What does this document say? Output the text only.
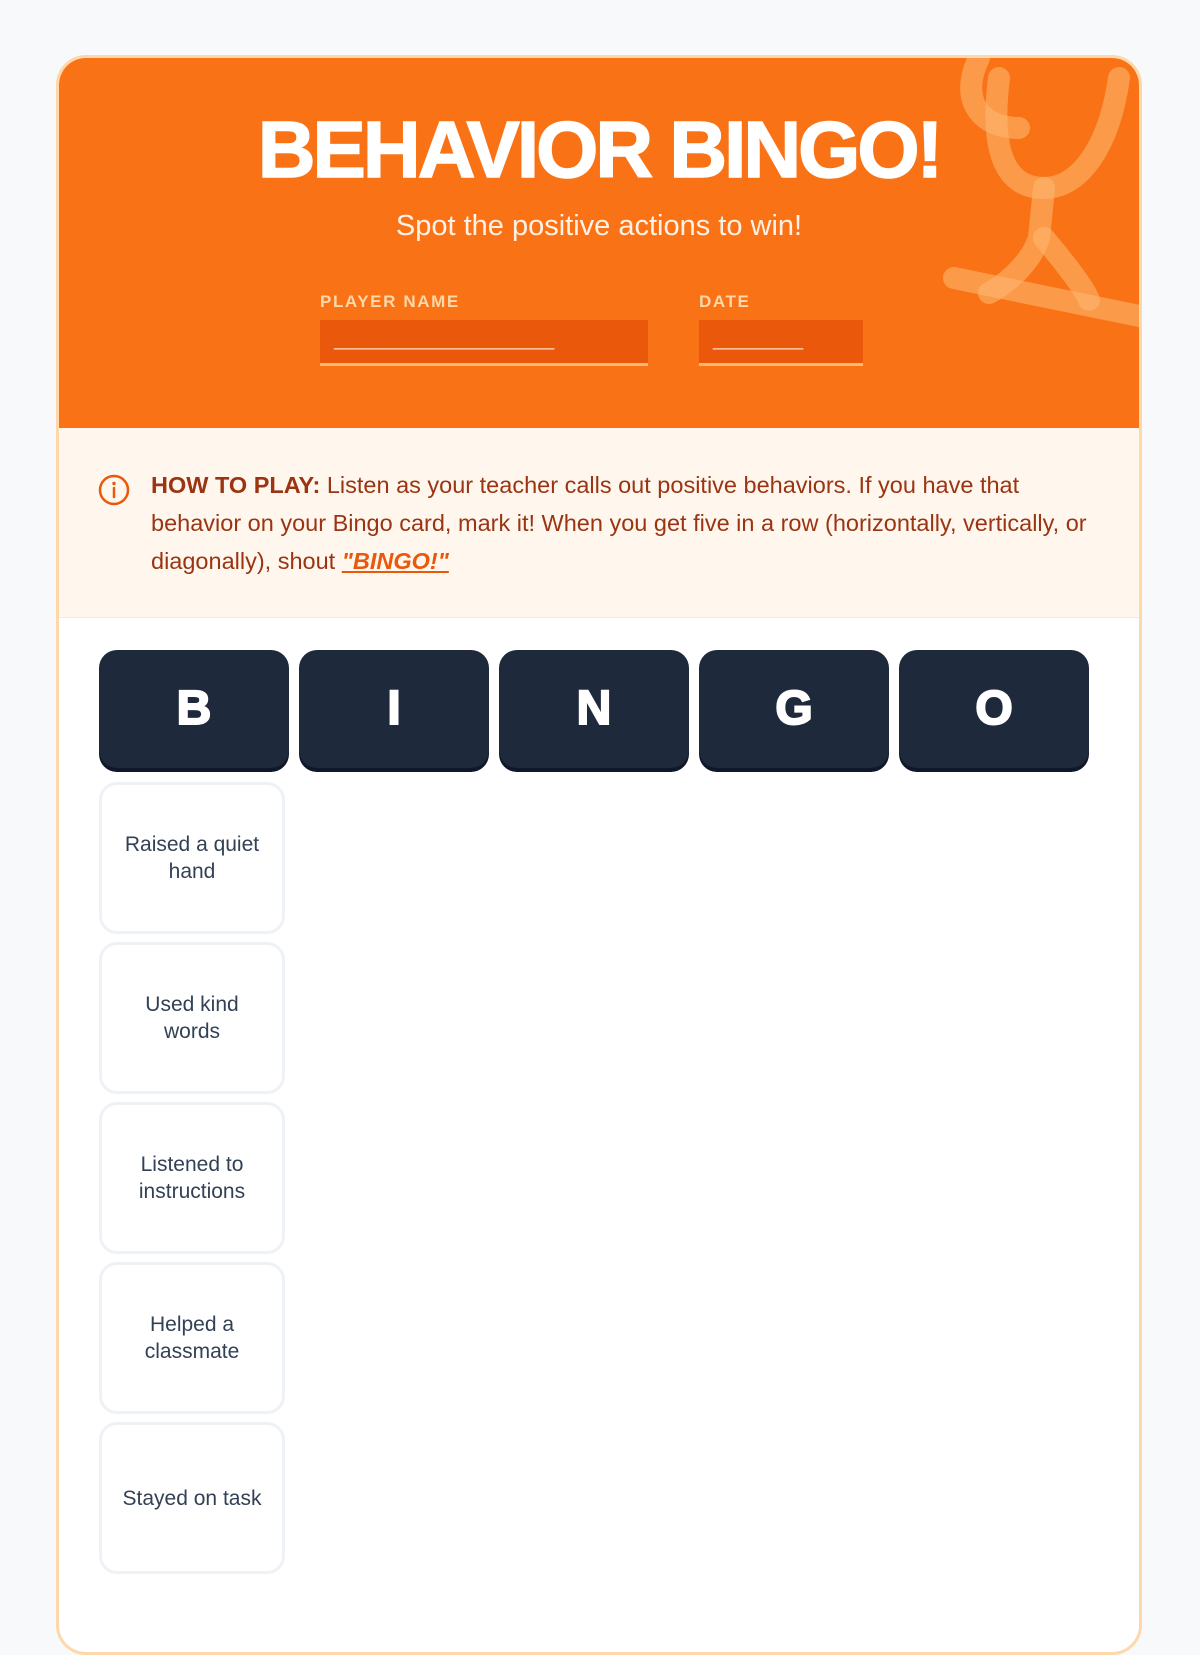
BEHAVIOR BINGO!
Spot the positive actions to win!
PLAYER NAME
______________________
DATE
_________
HOW TO PLAY: Listen as your teacher calls out positive behaviors. If you have that behavior on your Bingo card, mark it! When you get five in a row (horizontally, vertically, or diagonally), shout "BINGO!"
B	I	N	G	O
Raised a quiet hand
Used kind words
Listened to instructions
Helped a classmate
Stayed on task
